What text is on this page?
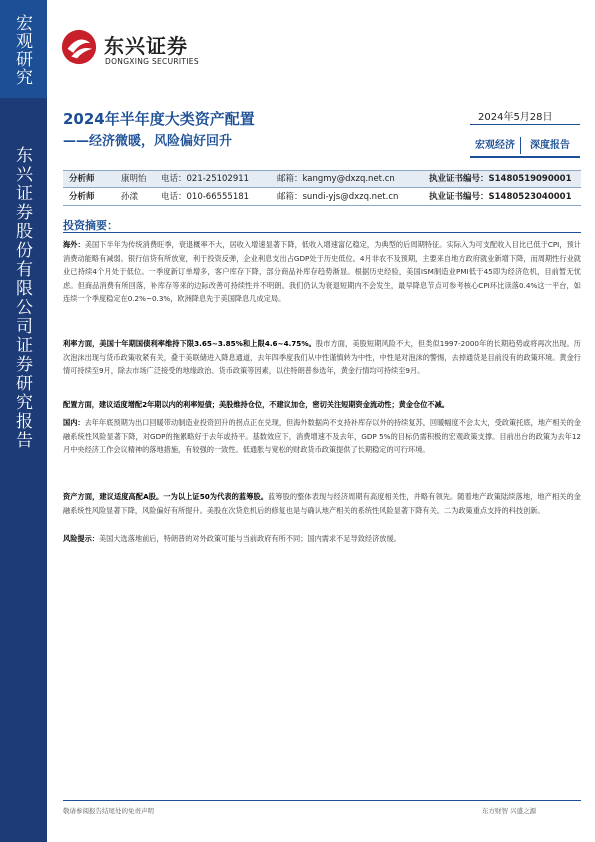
宏观研究
东兴证券股份有限公司证券研究报告
东兴证券
DONGXING SECURITIES
2024年半年度大类资产配置
——经济微暖，风险偏好回升
2024年5月28日
宏观经济	深度报告
分析师	康明怡 电话：021-25102911	邮箱：kangmy@dxzq.net.cn	执业证书编号：S1480519090001
分析师	孙漾	电话：010-66555181	邮箱：sundi-yjs@dxzq.net.cn	执业证书编号：S1480523040001
投资摘要：
海外：美国下半年为传统消费旺季，衰退概率不大，居收入增速显著下降，低收入增速富亿稳定，为典型的后周期特征。实际入为可支配收入目比已低于CPI，预计消费动能略有减弱。银行信贷有所放宽，利于投资反弹，企业利息支出占GDP处于历史低位。4月非农不及预期，主要来自地方政府就业新增下降，而周期性行业就业已持续4个月处于低位。一季度新订单增多，客户库存下降，部分商品补库存趋势渐显。根据历史经验，美国ISM制造业PMI低于45即为经济危机，目前暂无忧虑。但商品消费有所回落，补库存等来的边际改善可持续性并不明朗。我们仍认为衰退短期内不会发生，最早降息节点可参考核心CPI环比读落0.4%这一平台，如连续一个季度稳定在0.2%~0.3%，欧洲降息先于美国降息几成定局。
利率方面，美国十年期国债利率维持下限3.65~3.85%和上限4.6~4.75%。股市方面，美股短期风险不大，但类似1997-2000年的长期趋势或将再次出现。历次泡沫出现与货币政策收紧有关，叠于美联储进入降息通道，去年四季度我们从中性谨慎转为中性，中性是对泡沫的警惕，去掉通货是目前没有的政策环境。黄金行情可持续至9月，除去市场广泛接受的地缘政治、货币政策等因素，以往特朗普参选年，黄金行情均可持续至9月。
配置方面，建议适度增配2年期以内的利率短债；美股维持仓位，不建议加仓，密切关注短期资金流动性；黄金仓位不减。
国内：去年年底预期为出口回暖带动制造业投资回升的拐点正在兑现，但海外数据尚不支持补库存以外的持续复苏，回暖幅度不会太大，受政策托底，地产相关的金融系统性风险显著下降，对GDP的拖累略好于去年或持平。基数效应下，消费增速不及去年，GDP 5%的目标仍需积极的宏观政策支撑。目前出台的政策为去年12月中央经济工作会议精神的落地措施，有较强的一致性。低通胀与宽松的财政货币政策提供了长期稳定的可行环境。
资产方面，建议适度高配A股。一为以上证50为代表的蓝筹股。蓝筹股的整体表现与经济周期有高度相关性，并略有领先。随着地产政策陆续落地，地产相关的金融系统性风险显著下降，风险偏好有所提升。美股在次贷危机后的修复也是与确认地产相关的系统性风险显著下降有关。二为政策重点支持的科技创新。
风险提示：美国大选落地前后，特朗普的对外政策可能与当前政府有所不同；国内需求不足导致经济放缓。
敬请参阅报告结尾处的免责声明	东方财智 兴盛之源
